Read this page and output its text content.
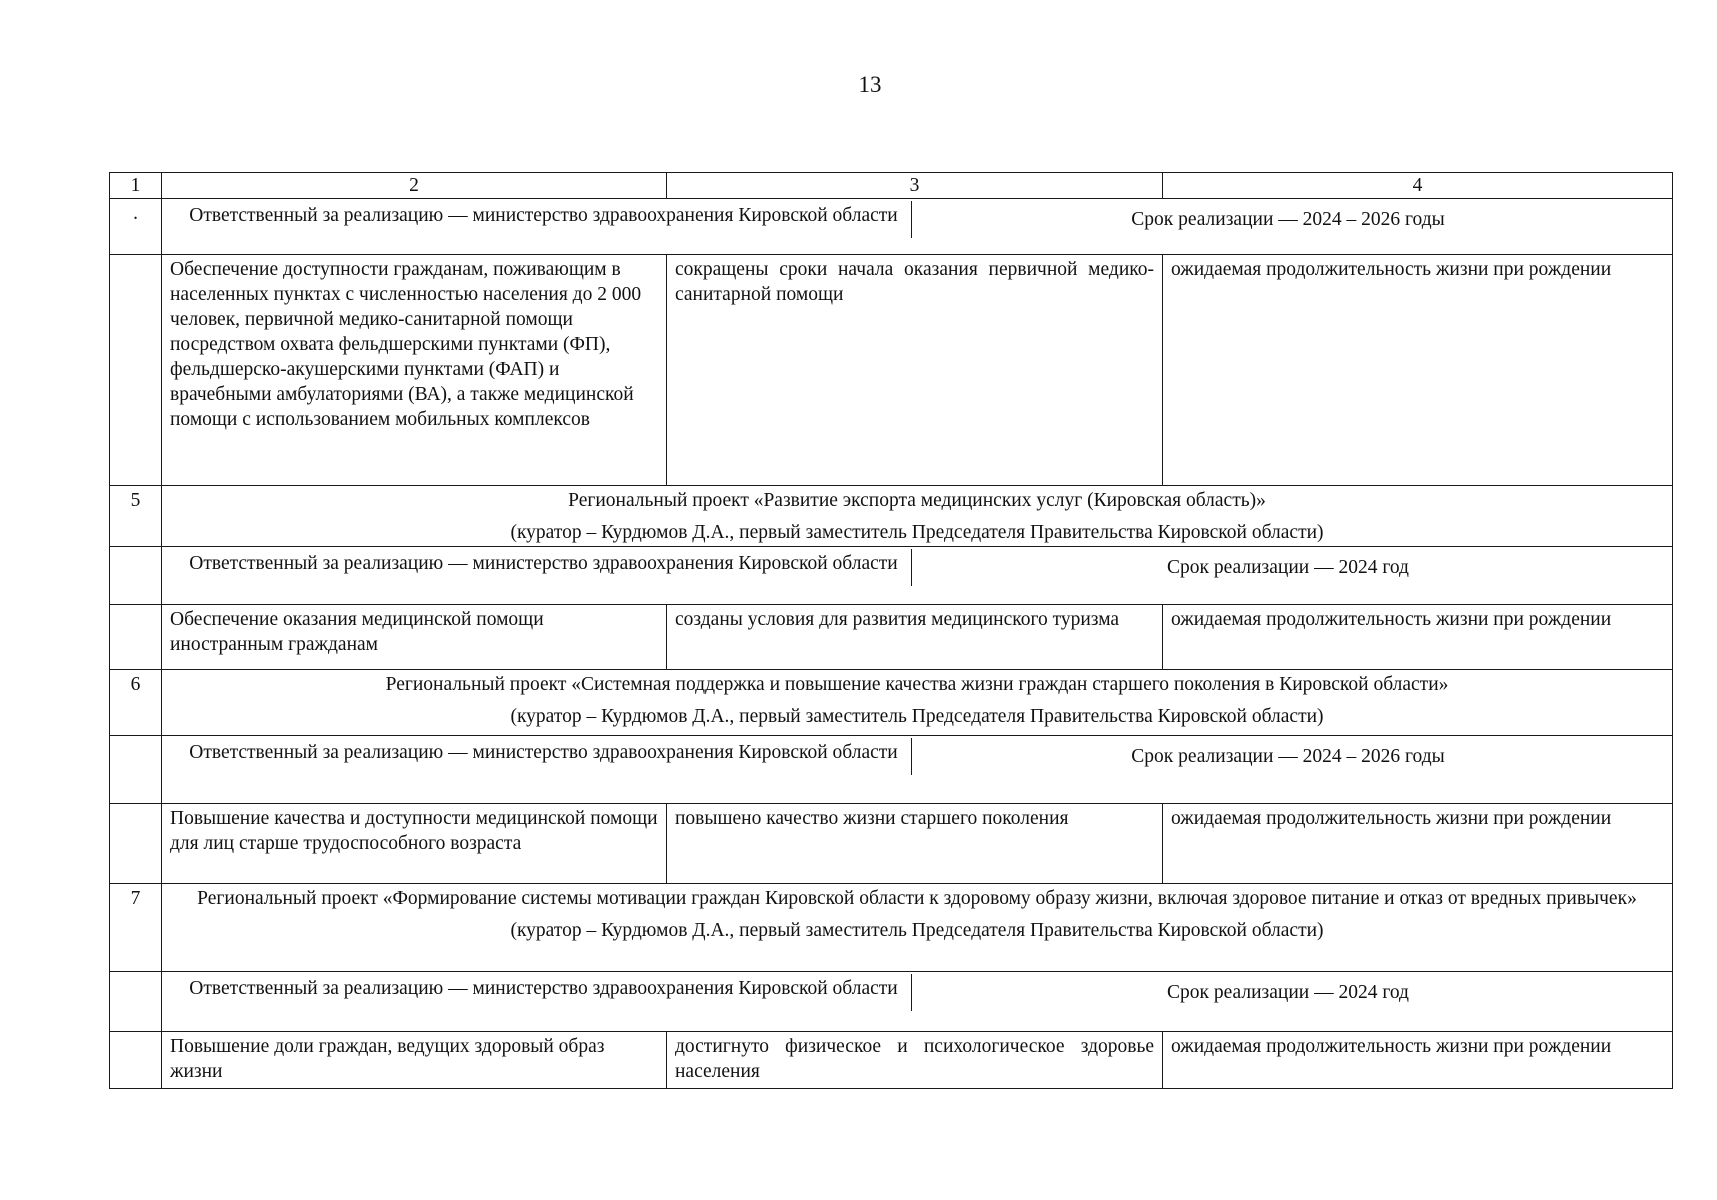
13
1	2	3	4
.	Ответственный за реализацию — министерство здравоохранения Кировской области Срок реализации — 2024 – 2026 годы		

	Обеспечение доступности гражданам, поживающим в населенных пунктах с численностью населения до 2 000 человек, первичной медико-санитарной помощи посредством охвата фельдшерскими пунктами (ФП), фельдшерско-акушерскими пунктами (ФАП) и врачебными амбулаториями (ВА), а также медицинской помощи с использованием мобильных комплексов	сокращены сроки начала оказания первичной медико-санитарной помощи	ожидаемая продолжительность жизни при рождении
5	Региональный проект «Развитие экспорта медицинских услуг (Кировская область)»
(куратор – Курдюмов Д.А., первый заместитель Председателя Правительства Кировской области)		

	Ответственный за реализацию — министерство здравоохранения Кировской области Срок реализации — 2024 год		

	Обеспечение оказания медицинской помощи иностранным гражданам	созданы условия для развития медицинского туризма	ожидаемая продолжительность жизни при рождении
6	Региональный проект «Системная поддержка и повышение качества жизни граждан старшего поколения в Кировской области»
(куратор – Курдюмов Д.А., первый заместитель Председателя Правительства Кировской области)		

	Ответственный за реализацию — министерство здравоохранения Кировской области Срок реализации — 2024 – 2026 годы		

	Повышение качества и доступности медицинской помощи для лиц старше трудоспособного возраста	повышено качество жизни старшего поколения	ожидаемая продолжительность жизни при рождении
7	Региональный проект «Формирование системы мотивации граждан Кировской области к здоровому образу жизни, включая здоровое питание и отказ от вредных привычек»
(куратор – Курдюмов Д.А., первый заместитель Председателя Правительства Кировской области)		

	Ответственный за реализацию — министерство здравоохранения Кировской области Срок реализации — 2024 год		

	Повышение доли граждан, ведущих здоровый образ жизни	достигнуто физическое и психологическое здоровье населения	ожидаемая продолжительность жизни при рождении
